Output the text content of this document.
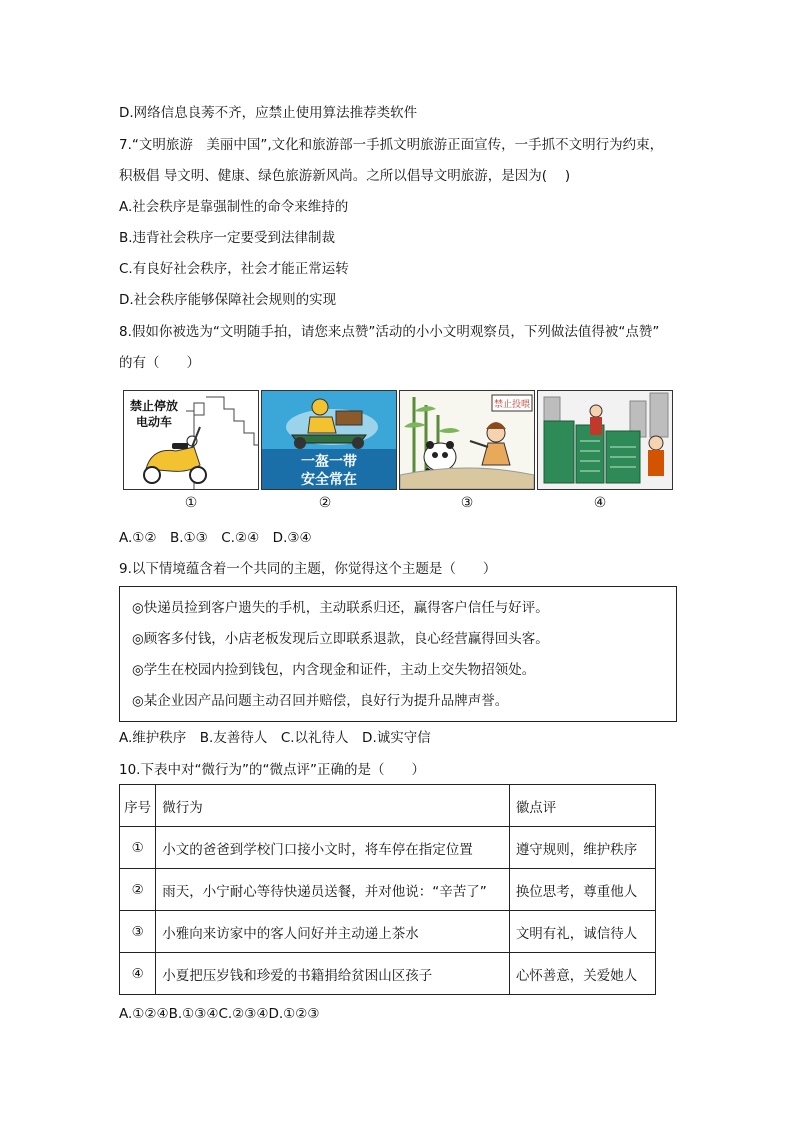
D.网络信息良莠不齐，应禁止使用算法推荐类软件
7.“文明旅游　美丽中国”,文化和旅游部一手抓文明旅游正面宣传，一手抓不文明行为约束，
积极倡 导文明、健康、绿色旅游新风尚。之所以倡导文明旅游，是因为(　 )
A.社会秩序是靠强制性的命令来维持的
B.违背社会秩序一定要受到法律制裁
C.有良好社会秩序，社会才能正常运转
D.社会秩序能够保障社会规则的实现
8.假如你被选为“文明随手拍，请您来点赞”活动的小小文明观察员，下列做法值得被“点赞”
的有（　　）
禁止停放
电动车
一盔一带
安全常在
禁止投喂
①	②	③	④
A.①②　B.①③　C.②④　D.③④
9.以下情境蕴含着一个共同的主题，你觉得这个主题是（　　）
◎快递员捡到客户遗失的手机，主动联系归还，赢得客户信任与好评。
◎顾客多付钱，小店老板发现后立即联系退款，良心经营赢得回头客。
◎学生在校园内捡到钱包，内含现金和证件，主动上交失物招领处。
◎某企业因产品问题主动召回并赔偿，良好行为提升品牌声誉。
A.维护秩序　B.友善待人　C.以礼待人　D.诚实守信
10.下表中对“微行为”的“微点评”正确的是（　　）
序号	微行为	徽点评
①	小文的爸爸到学校门口接小文时，将车停在指定位置	遵守规则，维护秩序
②	雨天，小宁耐心等待快递员送餐，并对他说：“辛苦了”	换位思考，尊重他人
③	小雅向来访家中的客人问好并主动递上茶水	文明有礼，诚信待人
④	小夏把压岁钱和珍爱的书籍捐给贫困山区孩子	心怀善意，关爱她人
A.①②④B.①③④C.②③④D.①②③
